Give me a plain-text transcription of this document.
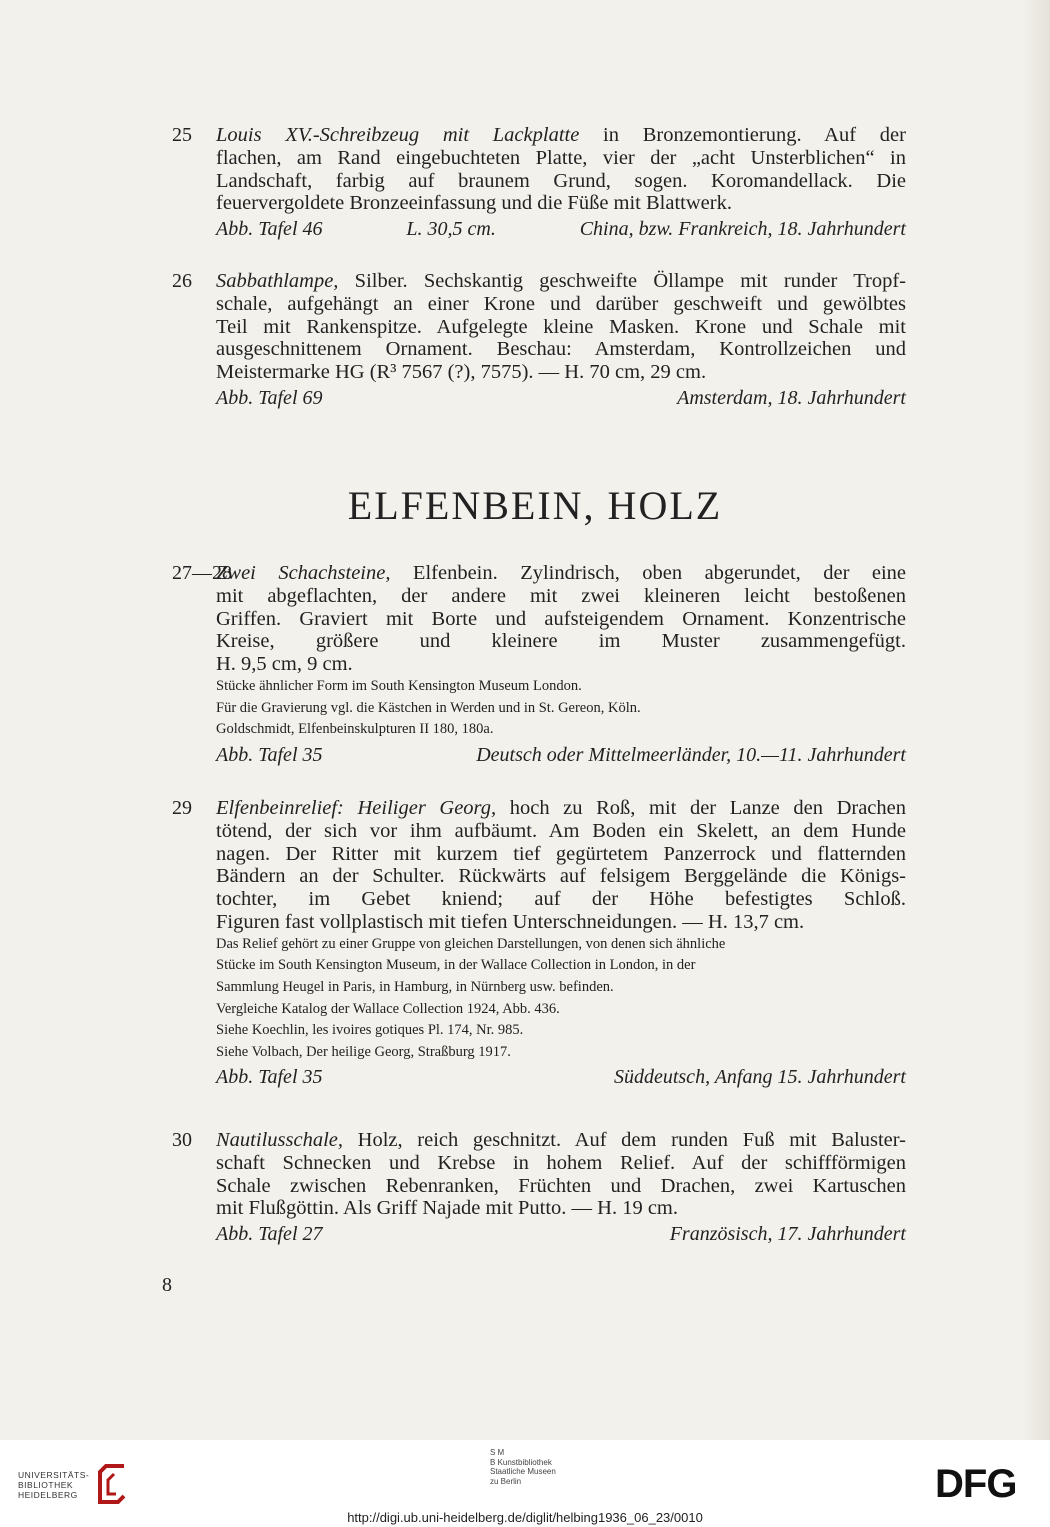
25 Louis XV.-Schreibzeug mit Lackplatte in Bronzemontierung. Auf der
flachen, am Rand eingebuchteten Platte, vier der „acht Unsterblichen“ in
Landschaft, farbig auf braunem Grund, sogen. Koromandellack. Die
feuervergoldete Bronzeeinfassung und die Füße mit Blattwerk.
Abb. Tafel 46	L. 30,5 cm.	China, bzw. Frankreich, 18. Jahrhundert
26 Sabbathlampe, Silber. Sechskantig geschweifte Öllampe mit runder Tropf-
schale, aufgehängt an einer Krone und darüber geschweift und gewölbtes
Teil mit Rankenspitze. Aufgelegte kleine Masken. Krone und Schale mit
ausgeschnittenem Ornament. Beschau: Amsterdam, Kontrollzeichen und
Meistermarke HG (R³ 7567 (?), 7575). — H. 70 cm, 29 cm.
Abb. Tafel 69	Amsterdam, 18. Jahrhundert
ELFENBEIN, HOLZ
27—28
Zwei Schachsteine, Elfenbein. Zylindrisch, oben abgerundet, der eine
mit abgeflachten, der andere mit zwei kleineren leicht bestoßenen
Griffen. Graviert mit Borte und aufsteigendem Ornament. Konzentrische
Kreise, größere und kleinere im Muster zusammengefügt.
H. 9,5 cm, 9 cm.
Stücke ähnlicher Form im South Kensington Museum London.
Für die Gravierung vgl. die Kästchen in Werden und in St. Gereon, Köln.
Goldschmidt, Elfenbeinskulpturen II 180, 180a.
Abb. Tafel 35	Deutsch oder Mittelmeerländer, 10.—11. Jahrhundert
29 Elfenbeinrelief: Heiliger Georg, hoch zu Roß, mit der Lanze den Drachen
tötend, der sich vor ihm aufbäumt. Am Boden ein Skelett, an dem Hunde
nagen. Der Ritter mit kurzem tief gegürtetem Panzerrock und flatternden
Bändern an der Schulter. Rückwärts auf felsigem Berggelände die Königs-
tochter, im Gebet kniend; auf der Höhe befestigtes Schloß.
Figuren fast vollplastisch mit tiefen Unterschneidungen. — H. 13,7 cm.
Das Relief gehört zu einer Gruppe von gleichen Darstellungen, von denen sich ähnliche
Stücke im South Kensington Museum, in der Wallace Collection in London, in der
Sammlung Heugel in Paris, in Hamburg, in Nürnberg usw. befinden.
Vergleiche Katalog der Wallace Collection 1924, Abb. 436.
Siehe Koechlin, les ivoires gotiques Pl. 174, Nr. 985.
Siehe Volbach, Der heilige Georg, Straßburg 1917.
Abb. Tafel 35	Süddeutsch, Anfang 15. Jahrhundert
30 Nautilusschale, Holz, reich geschnitzt. Auf dem runden Fuß mit Baluster-
schaft Schnecken und Krebse in hohem Relief. Auf der schiffförmigen
Schale zwischen Rebenranken, Früchten und Drachen, zwei Kartuschen
mit Flußgöttin. Als Griff Najade mit Putto. — H. 19 cm.
Abb. Tafel 27	Französisch, 17. Jahrhundert
8
UNIVERSITÄTS-
BIBLIOTHEK
HEIDELBERG
S M
B Kunstbibliothek
Staatliche Museen
zu Berlin	DFG
http://digi.ub.uni-heidelberg.de/diglit/helbing1936_06_23/0010
